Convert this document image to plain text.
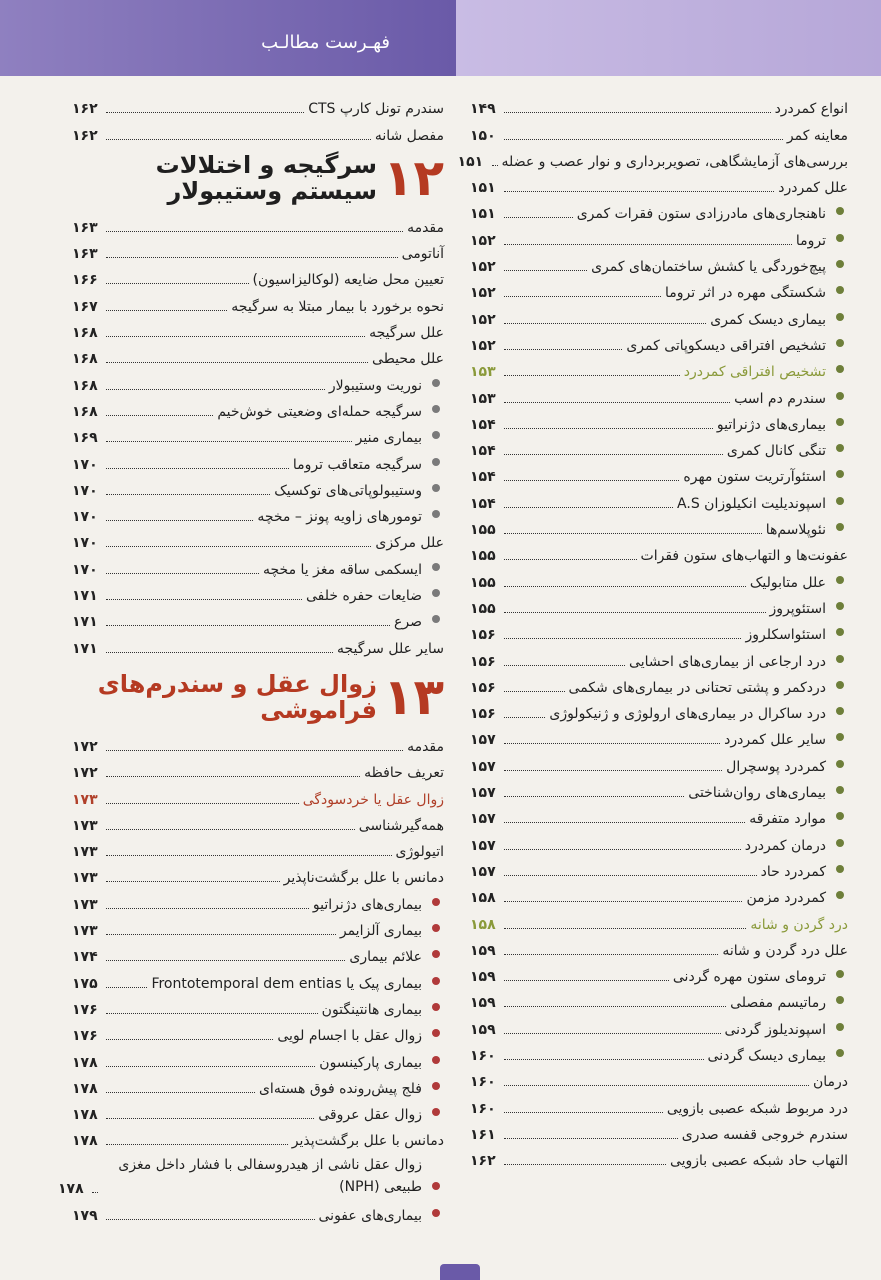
فهـرست مطالـب
انواع کمردرد
۱۴۹
معاینه کمر
۱۵۰
بررسی‌های آزمایشگاهی، تصویربرداری و نوار عصب و عضله
۱۵۱
علل کمردرد
۱۵۱
ناهنجاری‌های مادرزادی ستون فقرات کمری
۱۵۱
تروما
۱۵۲
پیچ‌خوردگی یا کشش ساختمان‌های کمری
۱۵۲
شکستگی مهره در اثر تروما
۱۵۲
بیماری دیسک کمری
۱۵۲
تشخیص افتراقی دیسکوپاتی کمری
۱۵۲
تشخیص افتراقی کمردرد
۱۵۳
سندرم دم اسب
۱۵۳
بیماری‌های دژنراتیو
۱۵۴
تنگی کانال کمری
۱۵۴
استئوآرتریت ستون مهره
۱۵۴
اسپوندیلیت انکیلوزان A.S
۱۵۴
نئوپلاسم‌ها
۱۵۵
عفونت‌ها و التهاب‌های ستون فقرات
۱۵۵
علل متابولیک
۱۵۵
استئوپروز
۱۵۵
استئواسکلروز
۱۵۶
درد ارجاعی از بیماری‌های احشایی
۱۵۶
دردکمر و پشتی تحتانی در بیماری‌های شکمی
۱۵۶
درد ساکرال در بیماری‌های ارولوژی و ژنیکولوژی
۱۵۶
سایر علل کمردرد
۱۵۷
کمردرد پوسچرال
۱۵۷
بیماری‌های روان‌شناختی
۱۵۷
موارد متفرقه
۱۵۷
درمان کمردرد
۱۵۷
کمردرد حاد
۱۵۷
کمردرد مزمن
۱۵۸
درد گردن و شانه
۱۵۸
علل درد گردن و شانه
۱۵۹
ترومای ستون مهره گردنی
۱۵۹
رماتیسم مفصلی
۱۵۹
اسپوندیلوز گردنی
۱۵۹
بیماری دیسک گردنی
۱۶۰
درمان
۱۶۰
درد مربوط شبکه عصبی بازویی
۱۶۰
سندرم خروجی قفسه صدری
۱۶۱
التهاب حاد شبکه عصبی بازویی
۱۶۲
سندرم تونل کارپ CTS
۱۶۲
مفصل شانه
۱۶۲
۱۲
سرگیجه و اختلالات سیستم وستیبولار
مقدمه
۱۶۳
آناتومی
۱۶۳
تعیین محل ضایعه (لوکالیزاسیون)
۱۶۶
نحوه برخورد با بیمار مبتلا به سرگیجه
۱۶۷
علل سرگیجه
۱۶۸
علل محیطی
۱۶۸
نوریت وستیبولار
۱۶۸
سرگیجه حمله‌ای وضعیتی خوش‌خیم
۱۶۸
بیماری منیر
۱۶۹
سرگیجه متعاقب تروما
۱۷۰
وستیبولوپاتی‌های توکسیک
۱۷۰
تومورهای زاویه پونز – مخچه
۱۷۰
علل مرکزی
۱۷۰
ایسکمی ساقه مغز یا مخچه
۱۷۰
ضایعات حفره خلفی
۱۷۱
صرع
۱۷۱
سایر علل سرگیجه
۱۷۱
۱۳
زوال عقل و سندرم‌های فراموشی
مقدمه
۱۷۲
تعریف حافظه
۱۷۲
زوال عقل یا خردسودگی
۱۷۳
همه‌گیرشناسی
۱۷۳
اتیولوژی
۱۷۳
دمانس با علل برگشت‌ناپذیر
۱۷۳
بیماری‌های دژنراتیو
۱۷۳
بیماری آلزایمر
۱۷۳
علائم بیماری
۱۷۴
بیماری پیک یا Frontotemporal dem entias
۱۷۵
بیماری هانتینگتون
۱۷۶
زوال عقل با اجسام لویی
۱۷۶
بیماری پارکینسون
۱۷۸
فلج پیش‌رونده فوق هسته‌ای
۱۷۸
زوال عقل عروقی
۱۷۸
دمانس با علل برگشت‌پذیر
۱۷۸
زوال عقل ناشی از هیدروسفالی با فشار داخل مغزی طبیعی (NPH)
۱۷۸
بیماری‌های عفونی
۱۷۹
